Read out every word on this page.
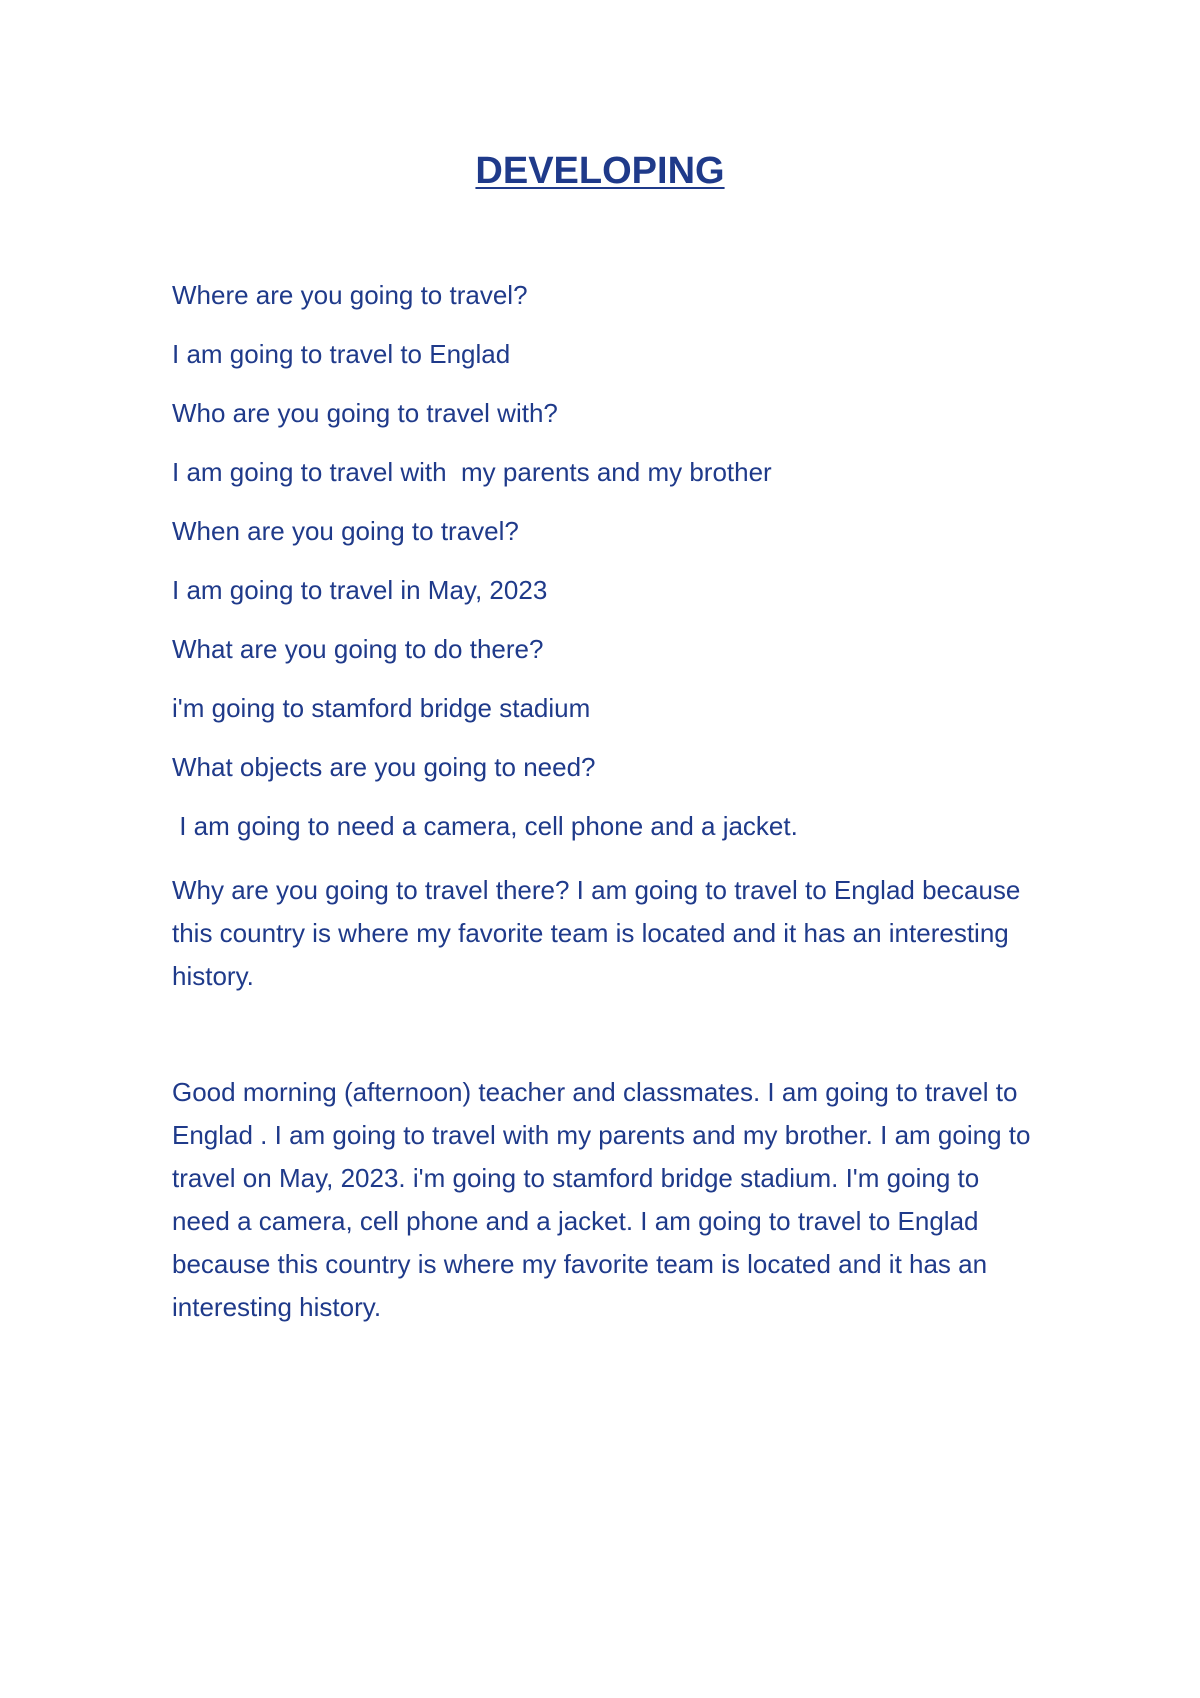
DEVELOPING
Where are you going to travel?
I am going to travel to Englad
Who are you going to travel with?
I am going to travel with  my parents and my brother
When are you going to travel?
I am going to travel in May, 2023
What are you going to do there?
i'm going to stamford bridge stadium
What objects are you going to need?
I am going to need a camera, cell phone and a jacket.

Why are you going to travel there? I am going to travel to Englad because this country is where my favorite team is located and it has an interesting history.

Good morning (afternoon) teacher and classmates. I am going to travel to Englad . I am going to travel with my parents and my brother. I am going to travel on May, 2023. i'm going to stamford bridge stadium. I'm going to need a camera, cell phone and a jacket. I am going to travel to Englad because this country is where my favorite team is located and it has an interesting history.
